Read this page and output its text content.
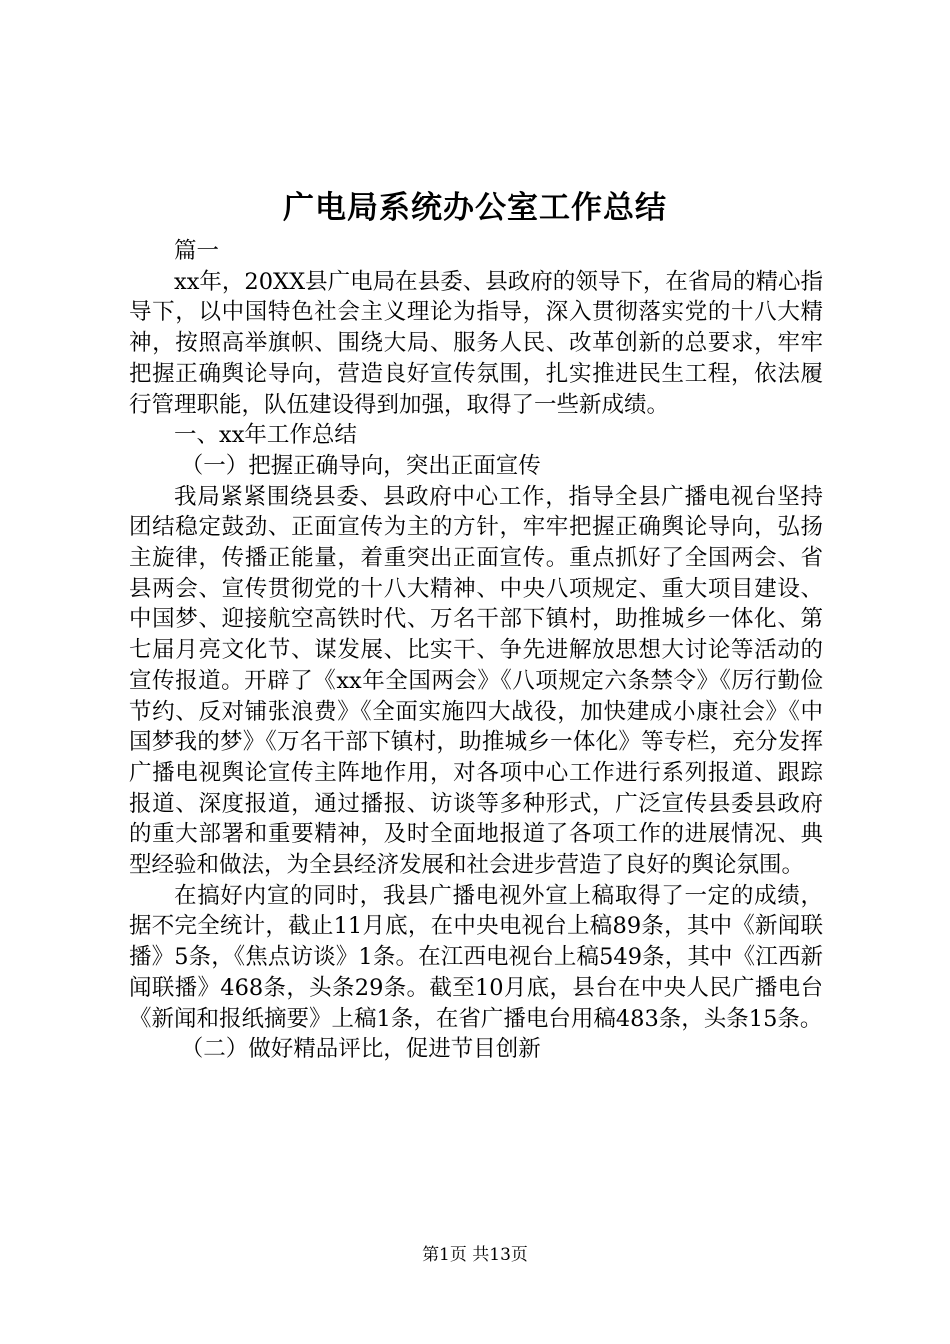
广电局系统办公室工作总结

篇一

xx年，20XX县广电局在县委、县政府的领导下，在省局的精心指导下，以中国特色社会主义理论为指导，深入贯彻落实党的十八大精神，按照高举旗帜、围绕大局、服务人民、改革创新的总要求，牢牢把握正确舆论导向，营造良好宣传氛围，扎实推进民生工程，依法履行管理职能，队伍建设得到加强，取得了一些新成绩。

一、xx年工作总结

（一）把握正确导向，突出正面宣传

我局紧紧围绕县委、县政府中心工作，指导全县广播电视台坚持团结稳定鼓劲、正面宣传为主的方针，牢牢把握正确舆论导向，弘扬主旋律，传播正能量，着重突出正面宣传。重点抓好了全国两会、省县两会、宣传贯彻党的十八大精神、中央八项规定、重大项目建设、中国梦、迎接航空高铁时代、万名干部下镇村，助推城乡一体化、第七届月亮文化节、谋发展、比实干、争先进解放思想大讨论等活动的宣传报道。开辟了《xx年全国两会》《八项规定六条禁令》《厉行勤俭节约、反对铺张浪费》《全面实施四大战役，加快建成小康社会》《中国梦我的梦》《万名干部下镇村，助推城乡一体化》等专栏，充分发挥广播电视舆论宣传主阵地作用，对各项中心工作进行系列报道、跟踪报道、深度报道，通过播报、访谈等多种形式，广泛宣传县委县政府的重大部署和重要精神，及时全面地报道了各项工作的进展情况、典型经验和做法，为全县经济发展和社会进步营造了良好的舆论氛围。

在搞好内宣的同时，我县广播电视外宣上稿取得了一定的成绩，据不完全统计，截止11月底，在中央电视台上稿89条，其中《新闻联播》5条，《焦点访谈》1条。在江西电视台上稿549条，其中《江西新闻联播》468条，头条29条。截至10月底，县台在中央人民广播电台《新闻和报纸摘要》上稿1条，在省广播电台用稿483条，头条15条。

（二）做好精品评比，促进节目创新

第1页 共13页
